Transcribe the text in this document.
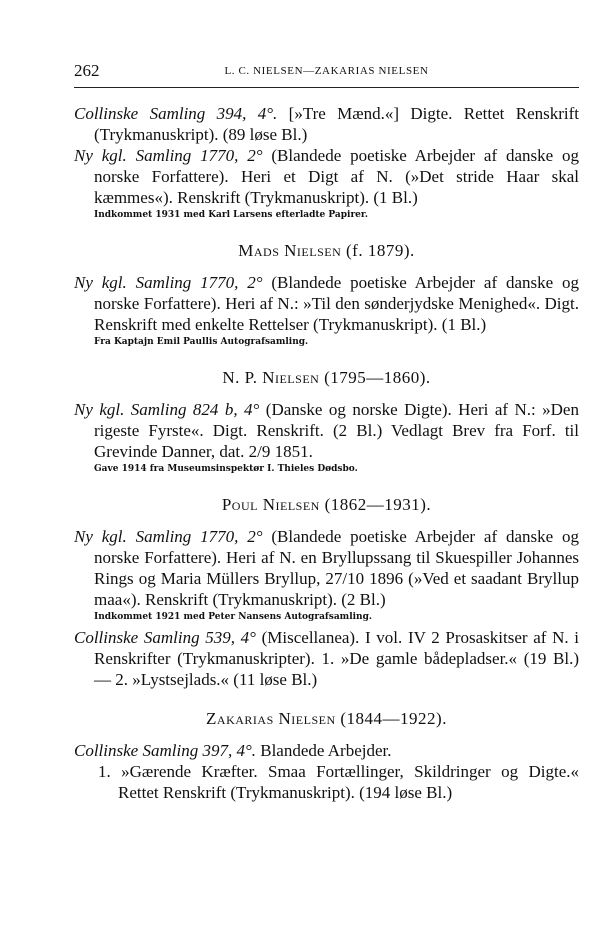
262	L. C. NIELSEN—ZAKARIAS NIELSEN

Collinske Samling 394, 4°. [»Tre Mænd.«] Digte. Rettet Renskrift (Trykmanuskript). (89 løse Bl.)

Ny kgl. Samling 1770, 2° (Blandede poetiske Arbejder af danske og norske Forfattere). Heri et Digt af N. (»Det stride Haar skal kæmmes«). Renskrift (Trykmanuskript). (1 Bl.)

Indkommet 1931 med Karl Larsens efterladte Papirer.

Mads Nielsen (f. 1879).

Ny kgl. Samling 1770, 2° (Blandede poetiske Arbejder af danske og norske Forfattere). Heri af N.: »Til den sønderjydske Menighed«. Digt. Renskrift med enkelte Rettelser (Trykmanuskript). (1 Bl.)

Fra Kaptajn Emil Paullis Autografsamling.

N. P. Nielsen (1795—1860).

Ny kgl. Samling 824 b, 4° (Danske og norske Digte). Heri af N.: »Den rigeste Fyrste«. Digt. Renskrift. (2 Bl.) Vedlagt Brev fra Forf. til Grevinde Danner, dat. 2/9 1851.

Gave 1914 fra Museumsinspektør I. Thieles Dødsbo.

Poul Nielsen (1862—1931).

Ny kgl. Samling 1770, 2° (Blandede poetiske Arbejder af danske og norske Forfattere). Heri af N. en Bryllupssang til Skuespiller Johannes Rings og Maria Müllers Bryllup, 27/10 1896 (»Ved et saadant Bryllup maa«). Renskrift (Trykmanuskript). (2 Bl.)

Indkommet 1921 med Peter Nansens Autografsamling.

Collinske Samling 539, 4° (Miscellanea). I vol. IV 2 Prosaskitser af N. i Renskrifter (Trykmanuskripter). 1. »De gamle bådepladser.« (19 Bl.) — 2. »Lystsejlads.« (11 løse Bl.)

Zakarias Nielsen (1844—1922).

Collinske Samling 397, 4°. Blandede Arbejder.

1. »Gærende Kræfter. Smaa Fortællinger, Skildringer og Digte.« Rettet Renskrift (Trykmanuskript). (194 løse Bl.)
